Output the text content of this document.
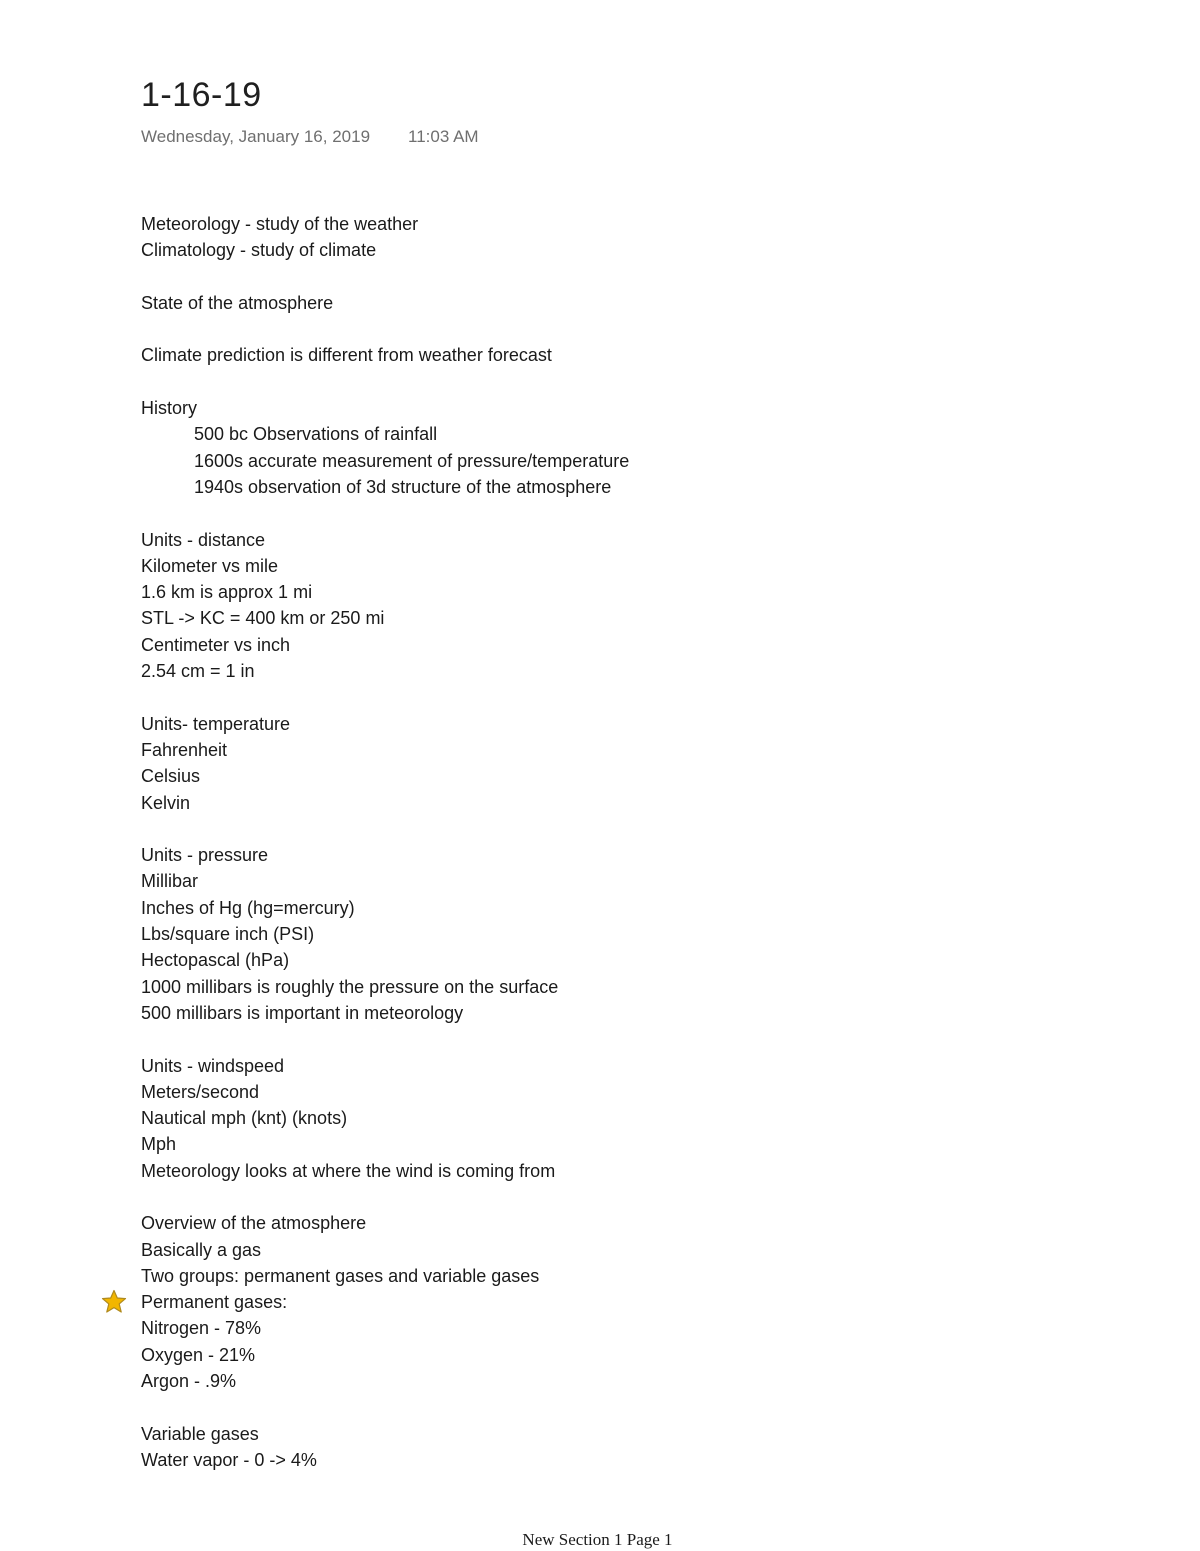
1-16-19
Wednesday, January 16, 2019 11:03 AM
Meteorology - study of the weather
Climatology - study of climate
State of the atmosphere
Climate prediction is different from weather forecast
History
500 bc Observations of rainfall
1600s accurate measurement of pressure/temperature
1940s observation of 3d structure of the atmosphere
Units - distance
Kilometer vs mile
1.6 km is approx 1 mi
STL -> KC = 400 km or 250 mi
Centimeter vs inch
2.54 cm = 1 in
Units- temperature
Fahrenheit
Celsius
Kelvin
Units - pressure
Millibar
Inches of Hg (hg=mercury)
Lbs/square inch (PSI)
Hectopascal (hPa)
1000 millibars is roughly the pressure on the surface
500 millibars is important in meteorology
Units - windspeed
Meters/second
Nautical mph (knt) (knots)
Mph
Meteorology looks at where the wind is coming from
Overview of the atmosphere
Basically a gas
Two groups: permanent gases and variable gases
Permanent gases:
Nitrogen - 78%
Oxygen - 21%
Argon - .9%
Variable gases
Water vapor - 0 -> 4%
New Section 1 Page 1
